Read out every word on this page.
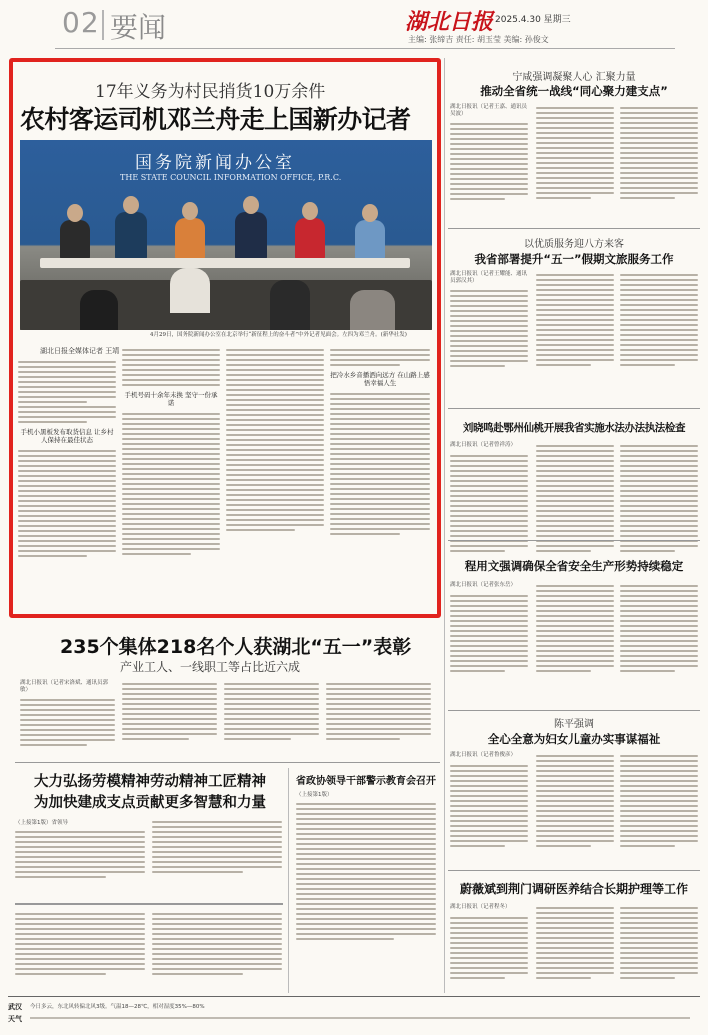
02 要闻	湖北日报 2025.4.30 星期三
主编: 张缔吉 责任: 胡玉莹 美编: 孙俊文
17年义务为村民捎货10万余件
农村客运司机邓兰舟走上国新办记者
国务院新闻办公室
THE STATE COUNCIL INFORMATION OFFICE, P.R.C.
4月29日，国务院新闻办公室在北京举行“新征程上的奋斗者”中外记者见面会。左四为邓兰舟。(新华社发)
湖北日报全媒体记者 王靖
手机小黑板发布取货信息 让乡村人保持在最佳状态
手机号码十余年未换 坚守一份承诺
把冷水乡音播洒向远方 在山路上感悟幸福人生
宁咸强调凝聚人心 汇聚力量
推动全省统一战线“同心聚力建支点”
湖北日报讯（记者王嘉、通讯员吴波）
以优质服务迎八方来客
我省部署提升“五一”假期文旅服务工作
湖北日报讯（记者王耀能、通讯员郭汉其）
刘晓鸣赴鄂州仙桃开展我省实施水法办法执法检查
湖北日报讯（记者曾祥涛）
程用文强调确保全省安全生产形势持续稳定
湖北日报讯（记者张东岳）
陈平强调
全心全意为妇女儿童办实事谋福祉
湖北日报讯（记者鲁俊彦）
蔚薇斌到荆门调研医养结合长期护理等工作
湖北日报讯（记者程冬）
235个集体218名个人获湖北“五一”表彰
产业工人、一线职工等占比近六成
湖北日报讯（记者宋洛斌、通讯员郭敏）
大力弘扬劳模精神劳动精神工匠精神
为加快建成支点贡献更多智慧和力量
（上接第1版）省领导
省政协领导干部警示教育会召开
（上接第1版）
武汉 今日多云，东北风转偏北风3级。气温18—28℃，相对湿度35%—80%
天气
